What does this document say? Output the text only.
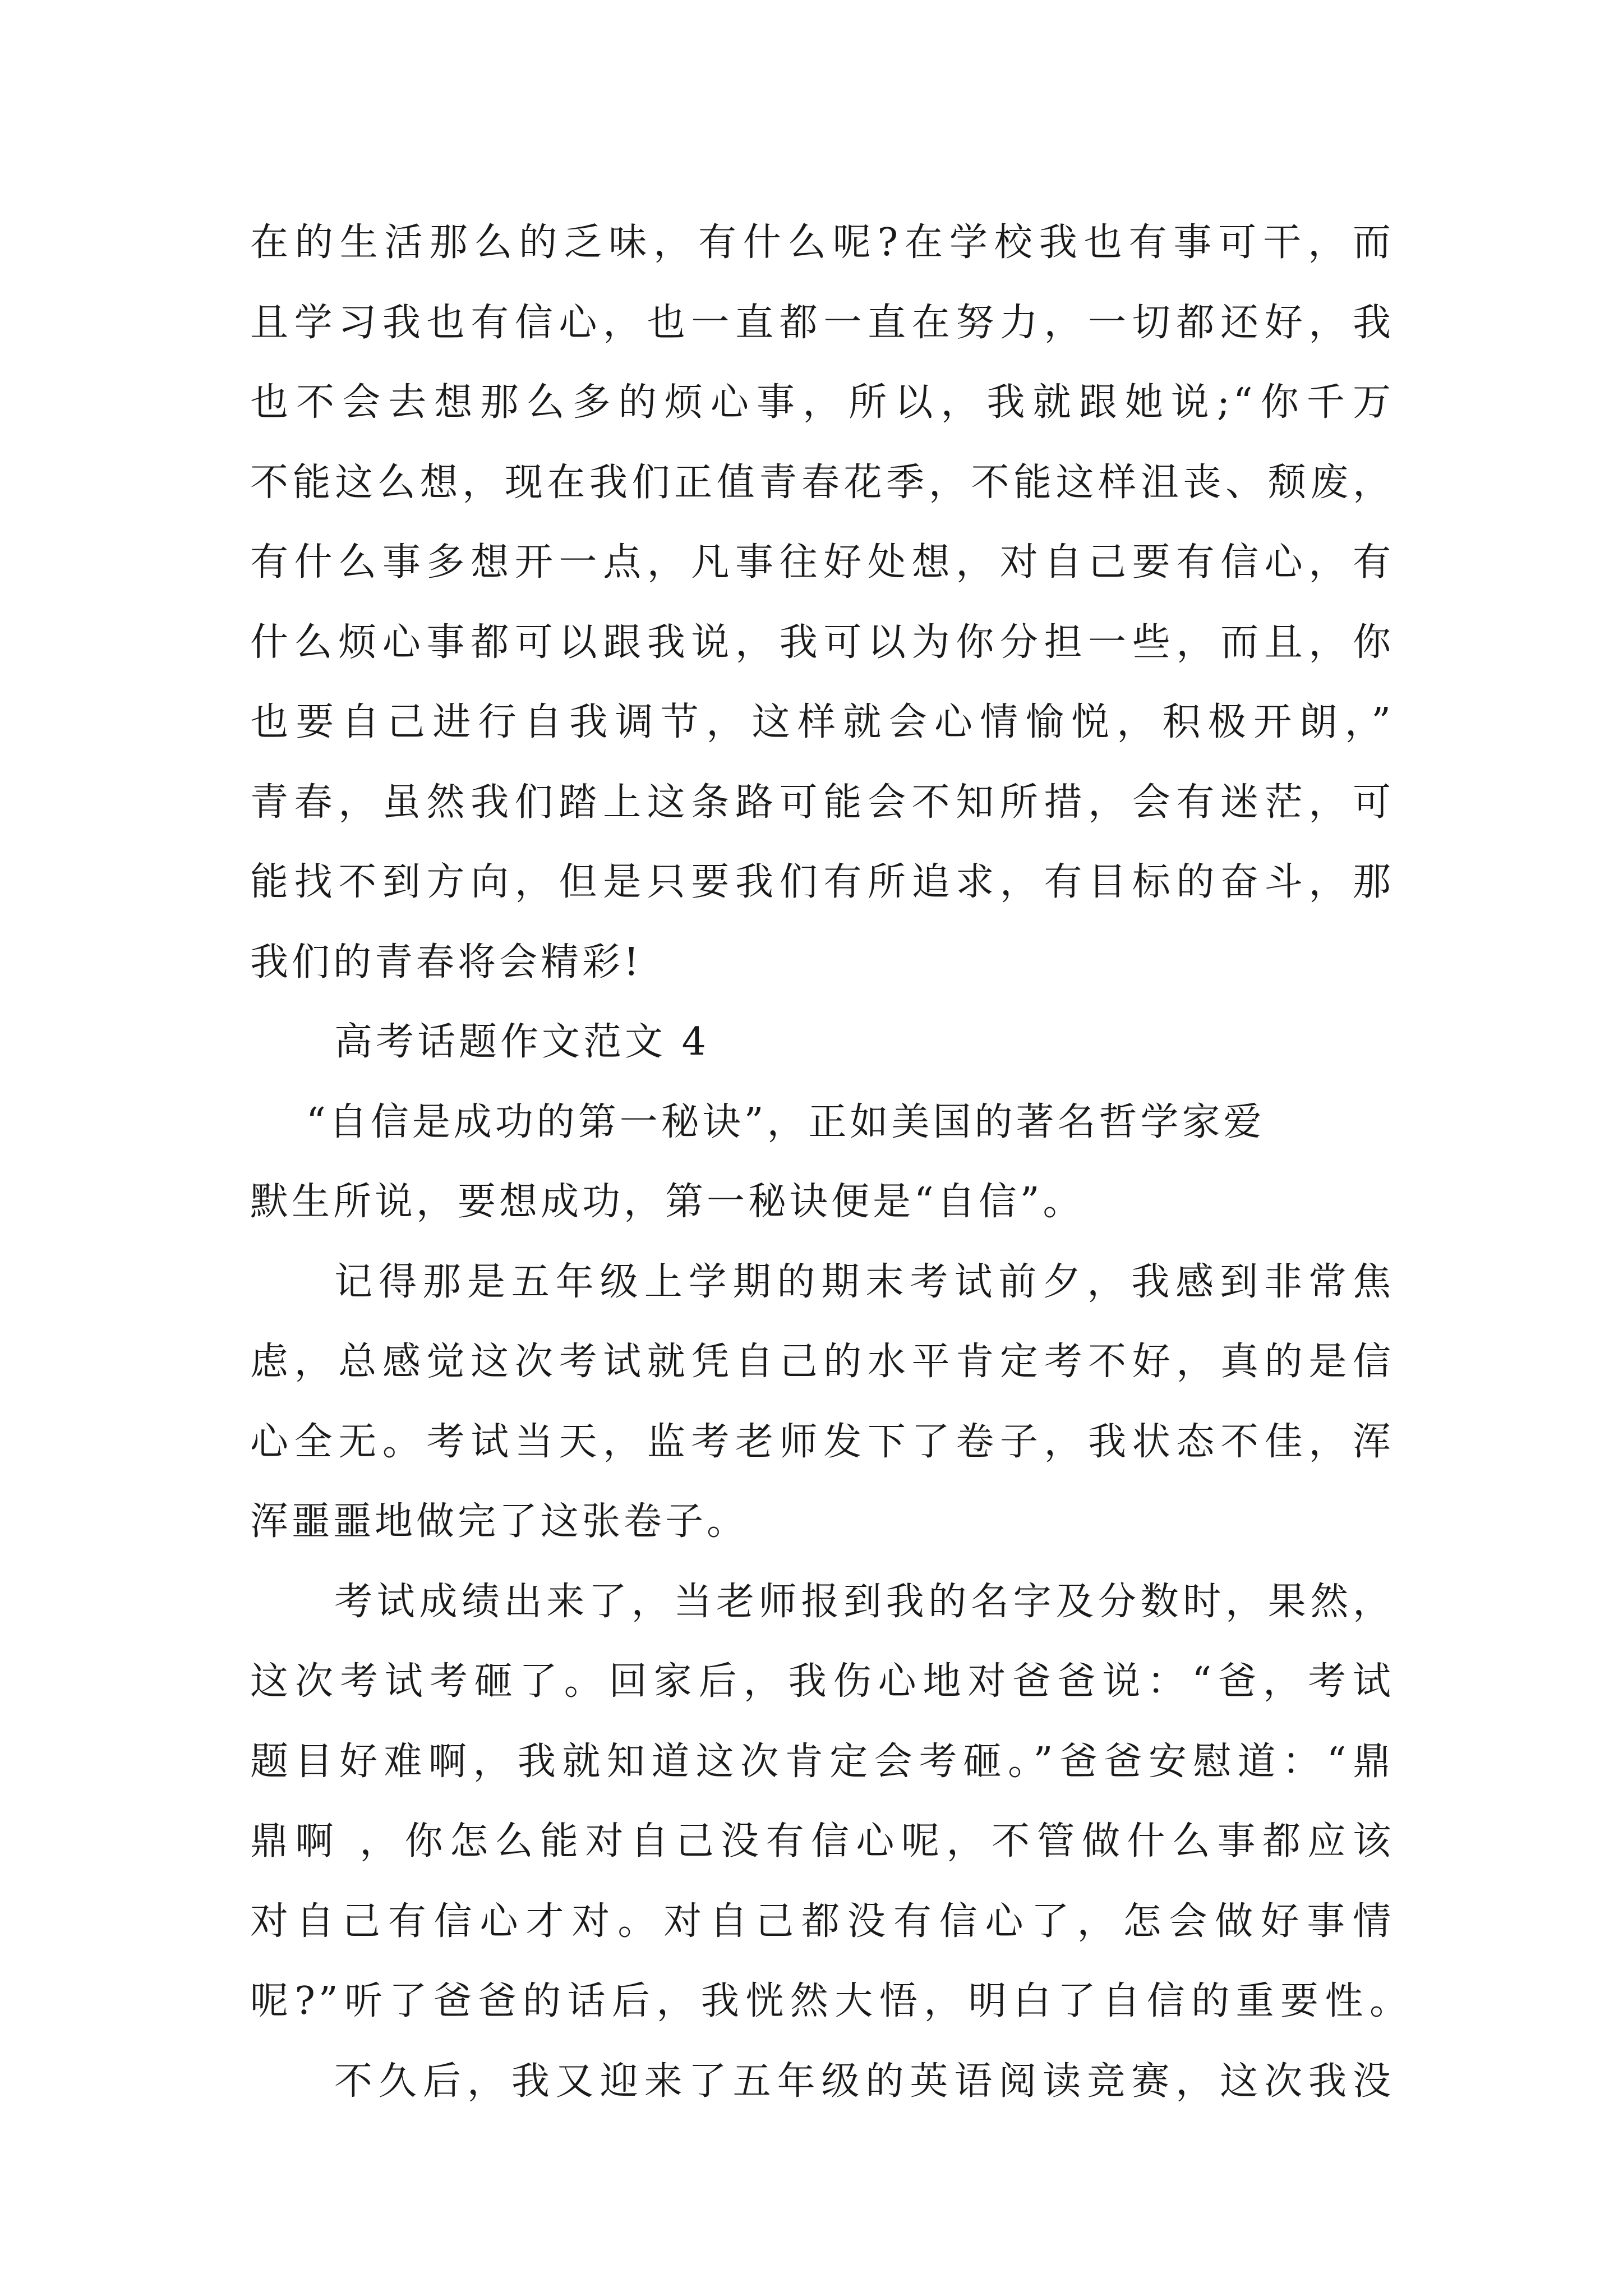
在的生活那么的乏味，有什么呢?在学校我也有事可干，而
且学习我也有信心，也一直都一直在努力，一切都还好，我
也不会去想那么多的烦心事，所以，我就跟她说;“你千万
不能这么想，现在我们正值青春花季，不能这样沮丧、颓废，
有什么事多想开一点，凡事往好处想，对自己要有信心，有
什么烦心事都可以跟我说，我可以为你分担一些，而且，你
也要自己进行自我调节，这样就会心情愉悦，积极开朗，”
青春，虽然我们踏上这条路可能会不知所措，会有迷茫，可
能找不到方向，但是只要我们有所追求，有目标的奋斗，那
我们的青春将会精彩!
高考话题作文范文 4
“自信是成功的第一秘诀”，正如美国的著名哲学家爱
默生所说，要想成功，第一秘诀便是“自信”。
记得那是五年级上学期的期末考试前夕，我感到非常焦
虑，总感觉这次考试就凭自己的水平肯定考不好，真的是信
心全无。考试当天，监考老师发下了卷子，我状态不佳，浑
浑噩噩地做完了这张卷子。
考试成绩出来了，当老师报到我的名字及分数时，果然，
这次考试考砸了。回家后，我伤心地对爸爸说：“爸，考试
题目好难啊，我就知道这次肯定会考砸。”爸爸安慰道：“鼎
鼎啊 ，你怎么能对自己没有信心呢，不管做什么事都应该
对自己有信心才对。对自己都没有信心了，怎会做好事情
呢?”听了爸爸的话后，我恍然大悟，明白了自信的重要性。
不久后，我又迎来了五年级的英语阅读竞赛，这次我没
